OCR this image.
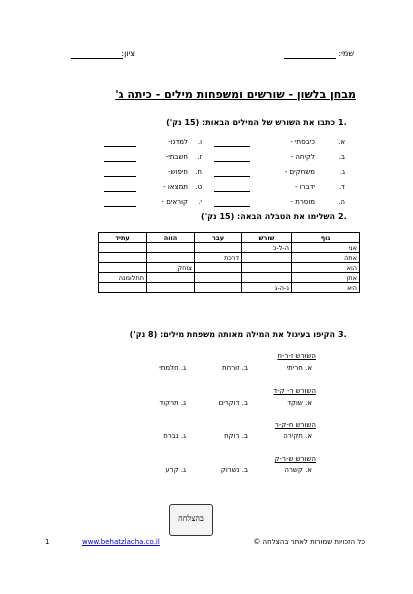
שמי:
ציון:
מבחן בלשון - שורשים ומשפחות מילים - כיתה ג'
1.
כתבו את השורש של המילים הבאות: (15 נק')
א.
כיבסתי -
ב.
לקיחה -
ג.
משחקים -
ד.
ידברו -
ה.
מוסרת -
ו.
למדנו-
ז.
חשבתי-
ח.
חיפוש-
ט.
תמצאו -
י.
קוראים -
2.
השלימו את הטבלה הבאה: (15 נק')
גוף	שורש	עבר	הווה	עתיד
אני	ה-ל-כ			
אתה		דרכת		
הוא			צוחק	
אתן				תתלומנה
היא	נ-ה-ג			
3.
הקיפו בעיגול את המילה מאותה משפחת מילים: (8 נק')
השורש ז-ר-ח
א. חריתי
ב. זורחת
ג. חלמתי
השורש ר- ק-ד
א. שוקד
ב. דוקרים
ג. תרקוד
השורש ח-ק-ר
א. חקירה
ב. רוקח
ג. נברח
השורש ש-ר-ק
א. קשרה
ב. נשרוק
ג. קרע
בהצלחה
1	www.behatzlacha.co.il	כל הזכויות שמורות לאתר בהצלחה ©
